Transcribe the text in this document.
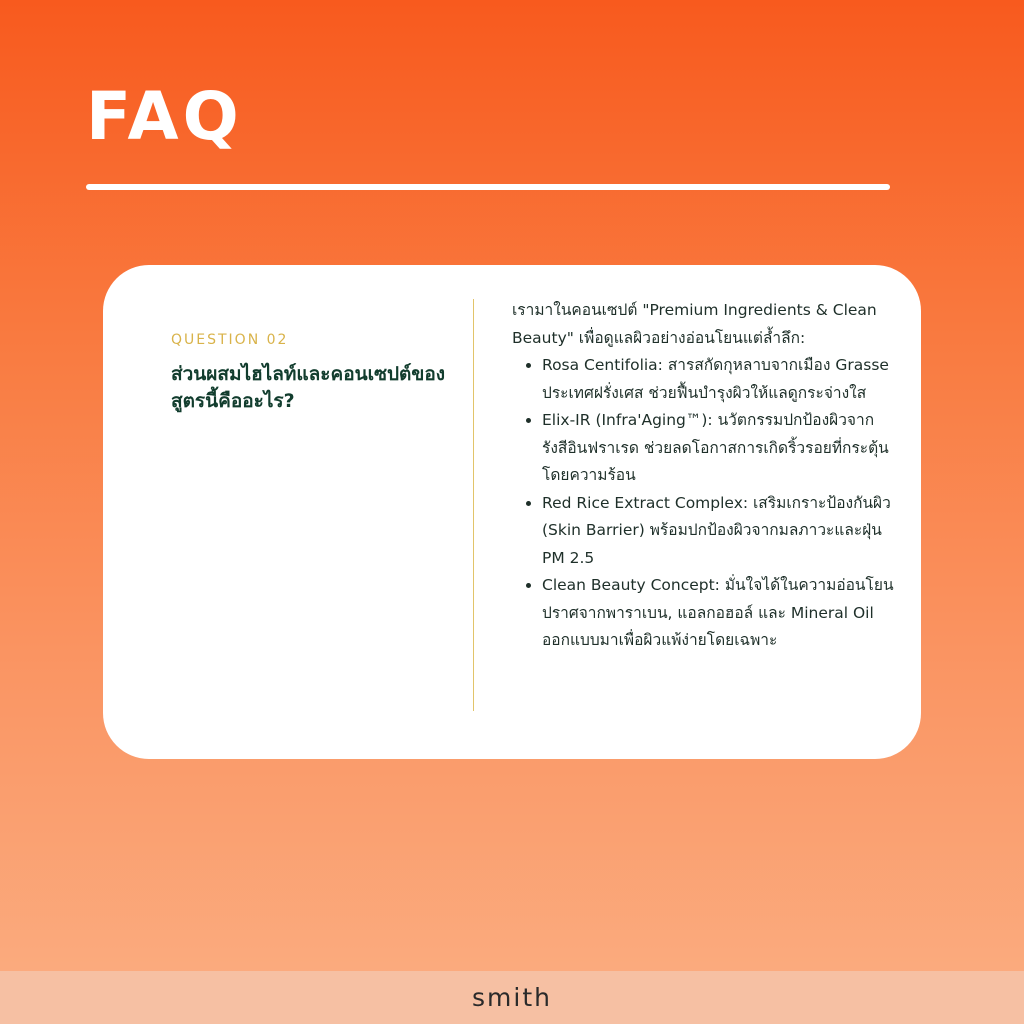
FAQ
QUESTION 02
ส่วนผสมไฮไลท์และคอนเซปต์ของสูตรนี้คืออะไร?

เรามาในคอนเซปต์ "Premium Ingredients & Clean Beauty" เพื่อดูแลผิวอย่างอ่อนโยนแต่ล้ำลึก:

• Rosa Centifolia: สารสกัดกุหลาบจากเมือง Grasse ประเทศฝรั่งเศส ช่วยฟื้นบำรุงผิวให้แลดูกระจ่างใส
• Elix-IR (Infra'Aging™): นวัตกรรมปกป้องผิวจากรังสีอินฟราเรด ช่วยลดโอกาสการเกิดริ้วรอยที่กระตุ้นโดยความร้อน
• Red Rice Extract Complex: เสริมเกราะป้องกันผิว (Skin Barrier) พร้อมปกป้องผิวจากมลภาวะและฝุ่น PM 2.5
• Clean Beauty Concept: มั่นใจได้ในความอ่อนโยน ปราศจากพาราเบน, แอลกอฮอล์ และ Mineral Oil ออกแบบมาเพื่อผิวแพ้ง่ายโดยเฉพาะ
smith
